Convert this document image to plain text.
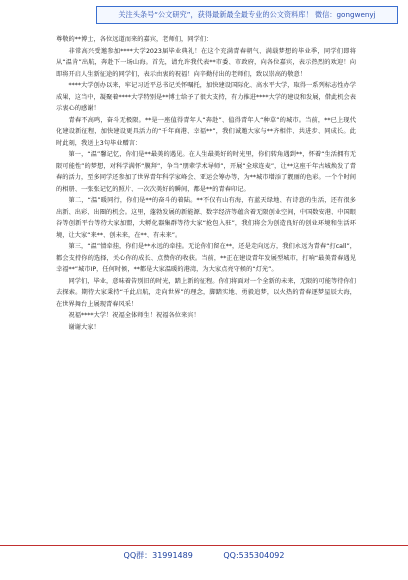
关注头条号“公文研究”，获得最新最全最专业的公文资料库！ 微信：gongwenyj

尊敬的**博士，各位远道而来的嘉宾，老师们，同学们：

非常高兴受邀参加****大学2023届毕业典礼！在这个充满青春朝气、满载梦想的毕业季，同学们即将从“温肯”出航，奔赴下一场山海。首先，请允许我代表**市委、市政府，向各位嘉宾，表示热烈的欢迎！向即将开启人生新征途的同学们，表示由衷的祝福！向辛勤付出的老师们，致以崇高的敬意！

****大学创办以来，牢记习近平总书记关怀嘱托，加快建设国际化、高水平大学，取得一系列标志性办学成果，这当中，凝聚着****大学特别是**博士给予了很大支持，有力推进****大学的建设和发展，借此机会表示衷心的感谢！

青春不高鸣，奋斗无极限。**是一座值得青年人“奔赴”、值得青年人“种草”的城市。当前，**已上现代化建设新征程，加快建设更具活力的“千年商港、幸福**”，我们诚邀大家与**齐相伴、共进步、同成长。此时此刻，我送上3句毕业赠言：

第一，“温”馨记忆，你们是**最美的遇见。在人生最美好的时光里，你们转角遇到**，怀着“生活拥有无限可能性”的梦想，对科学满怀“膜拜”，争当“朋辈学术导师”，开展“全球连麦”，让**这座千年古城焕发了青春的活力，至多同学还参加了世界青年科学家峰会、亚运会筹办等，为**城市增添了靓丽的色彩。一个个时间的相册、一张张记忆的照片、一次次美好的瞬间，都是**的青春印记。

第二，“温”暖同行，你们是**的奋斗的着陆。**不仅有山有海，有蓝天绿地、有诗意的生活，还有很多出新、出彩、出圈的机会。这里，蓬勃发展的新能源、数字经济等蕴含着无限创业空间，中国数安港、中国眼谷等创新平台等待大家加盟，大孵化器集群等待大家“抢包入驻”，我们将会为创造良好的创业环境和生活环境，让大家“来**、创未来，在**、有未来”。

第三，“温”情牵挂，你们是**永远的牵挂。无论你们留在**，还是走向远方，我们永远为青春“打call”，都会支持你的选择，关心你的成长、点赞你的收获。当前，**正在建设青年发展型城市，打响“最美青春遇见幸福**”城市IP，任何时候，**都是大家温暖的港湾，为大家点亮守候的“灯光”。

同学们，毕业，意味着告别旧的时光，踏上新的征程。你们将面对一个全新的未来，无限的可能等待你们去探索。期待大家秉持“千此启航，走向世界”的理念，脚踏实地、勇毅追梦，以火热的青春逐梦星辰大海，在世界舞台上展现青春风采！

祝福****大学！祝福全体师生！祝福各位来宾！

谢谢大家！

QQ群：31991489	QQ:535304092
